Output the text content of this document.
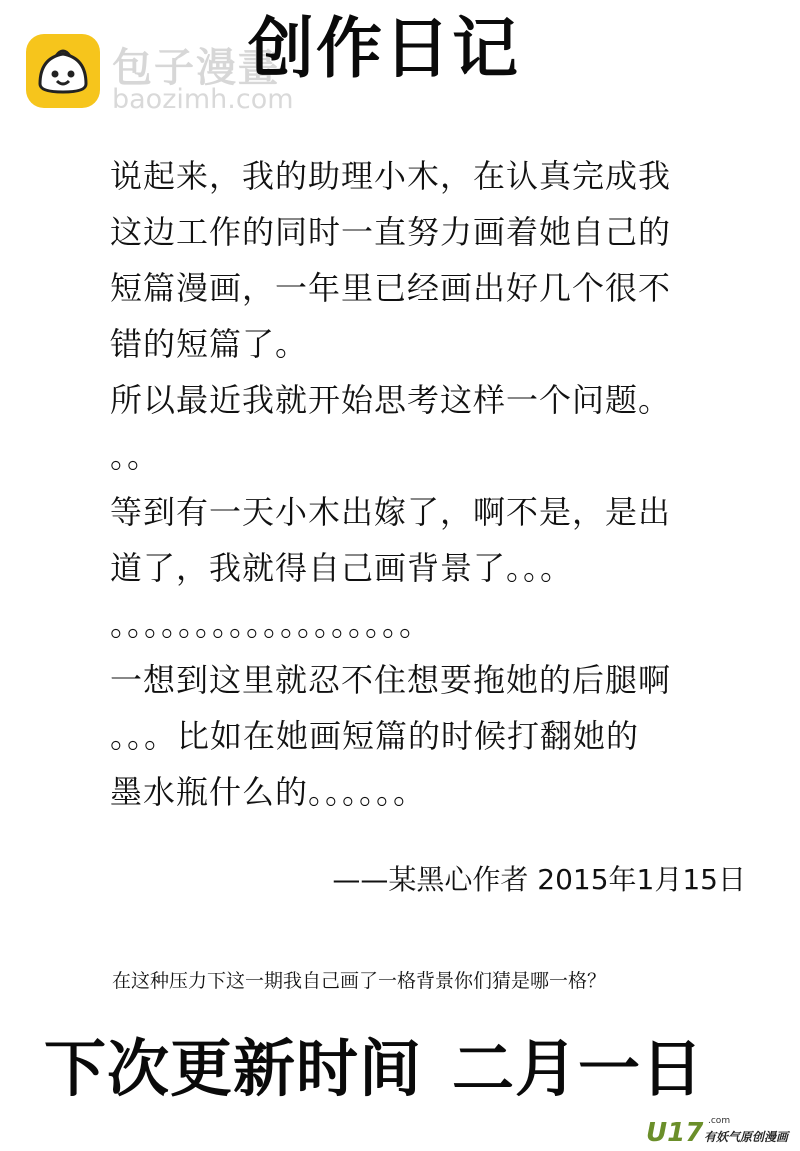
包子漫畫
baozimh.com
创作日记
说起来，我的助理小木，在认真完成我
这边工作的同时一直努力画着她自己的
短篇漫画，一年里已经画出好几个很不
错的短篇了。
所以最近我就开始思考这样一个问题。
。。
等到有一天小木出嫁了，啊不是，是出
道了，我就得自己画背景了。。。
。。。。。。。。。。。。。。。。。。
一想到这里就忍不住想要拖她的后腿啊
。。。比如在她画短篇的时候打翻她的
墨水瓶什么的。。。。。。
——某黑心作者 2015年1月15日
在这种压力下这一期我自己画了一格背景你们猜是哪一格？
下次更新时间 二月一日
U17 .com
有妖气原创漫画
